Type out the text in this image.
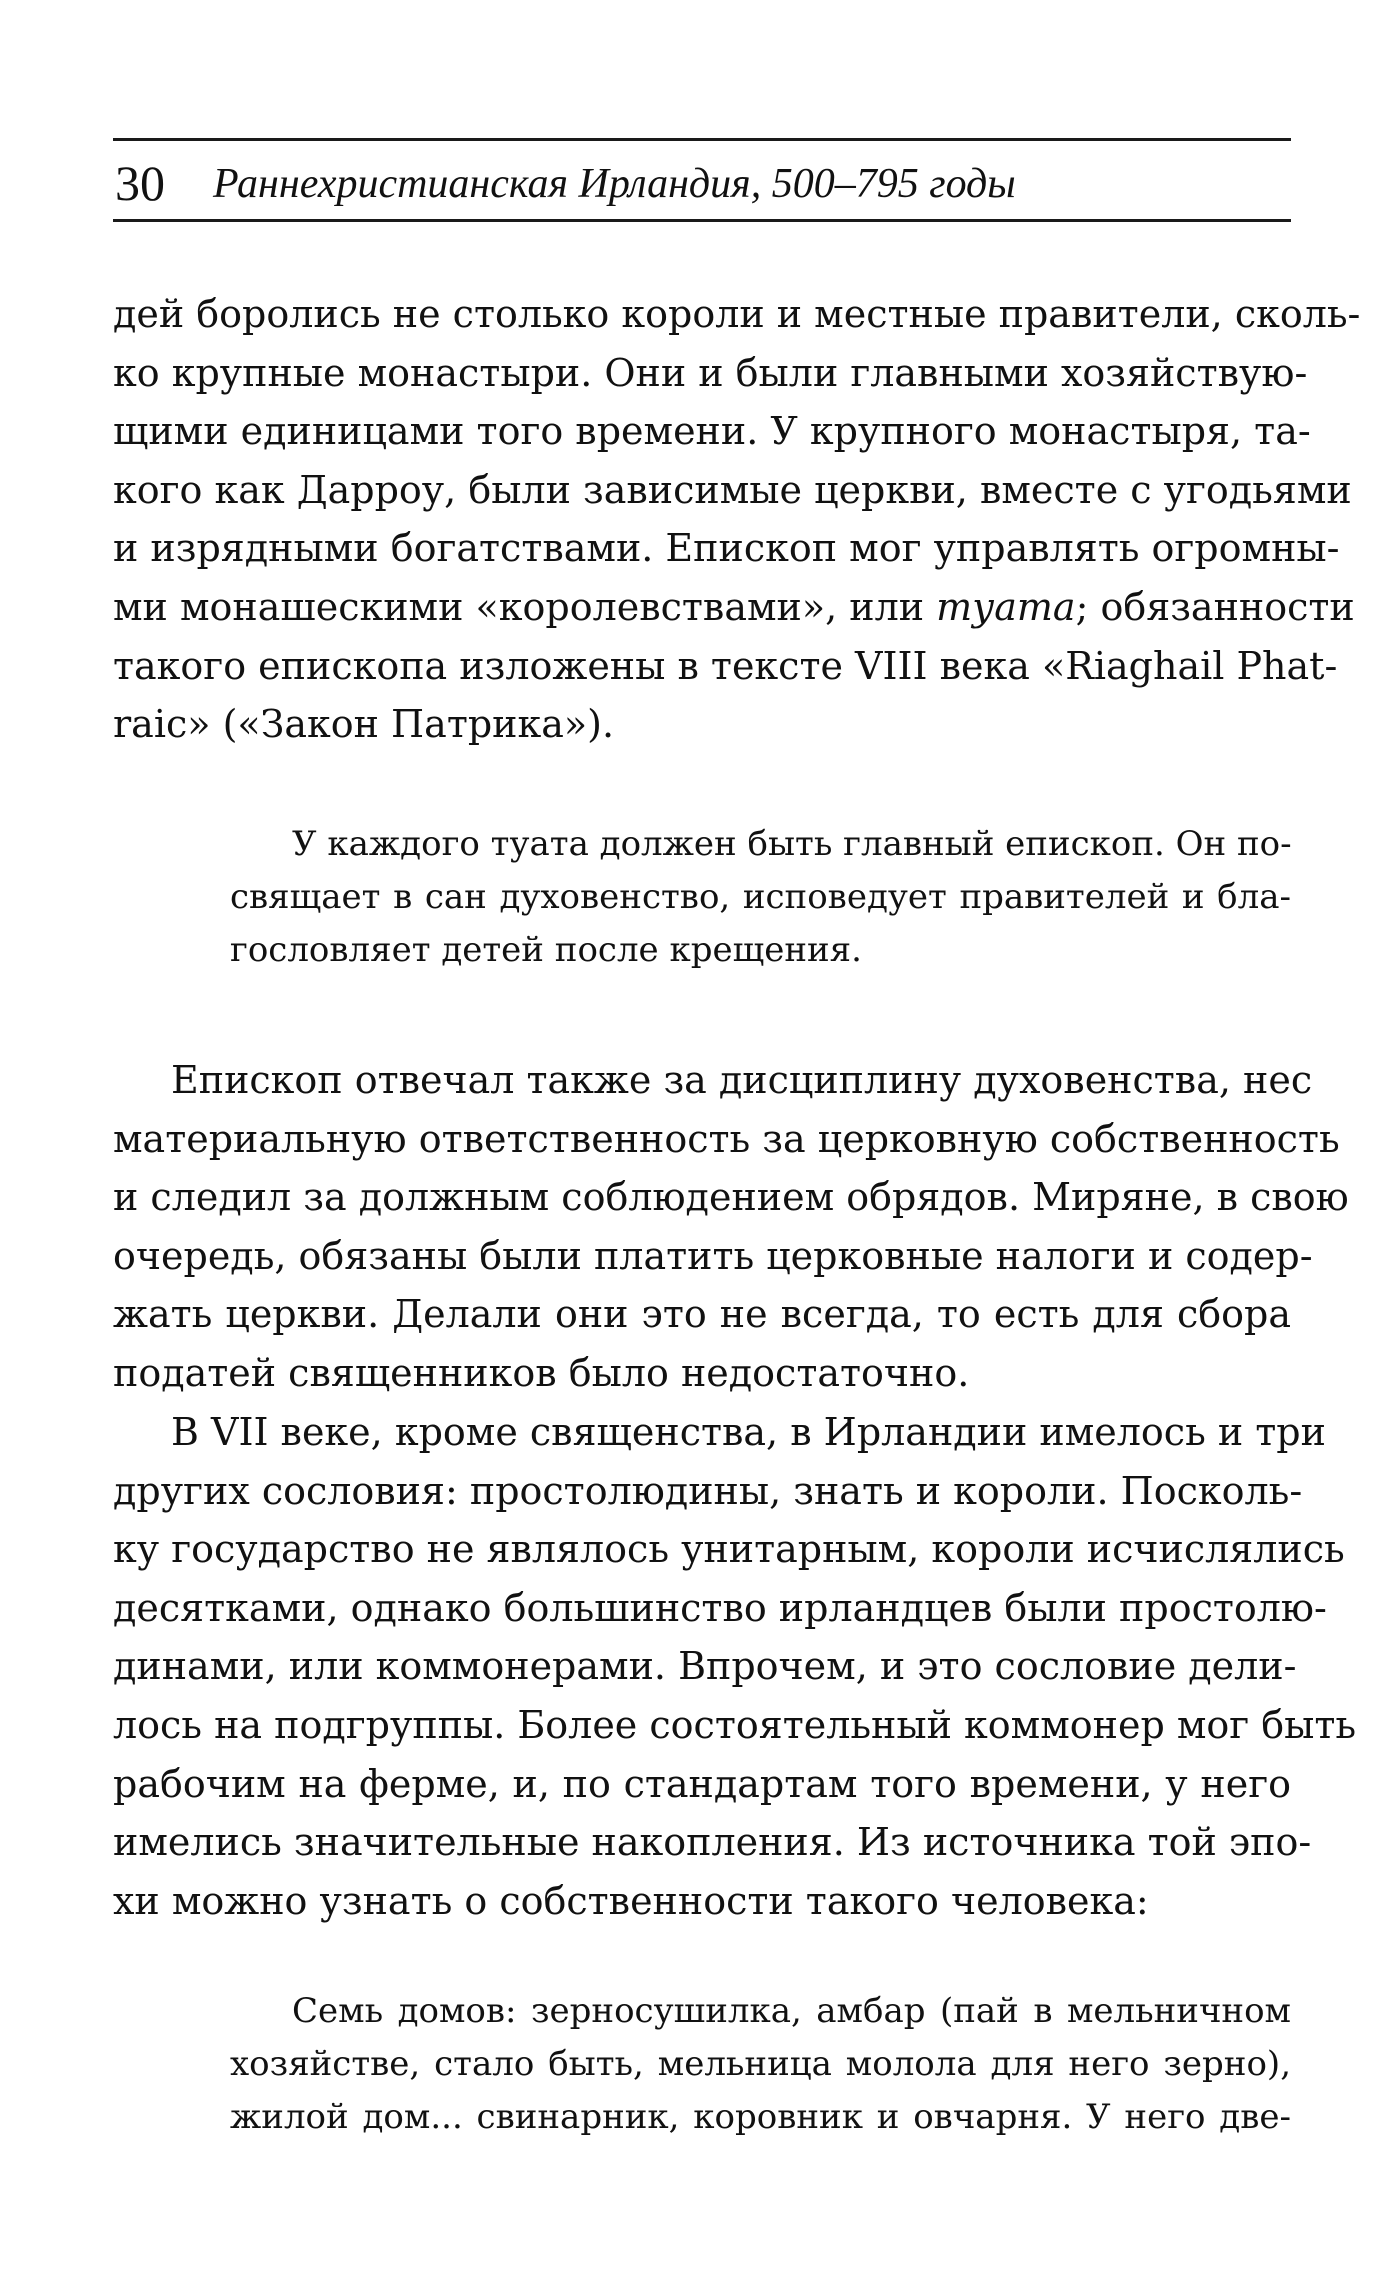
30 Раннехристианская Ирландия, 500–795 годы
дей боролись не столько короли и местные правители, сколь-
ко крупные монастыри. Они и были главными хозяйствую-
щими единицами того времени. У крупного монастыря, та-
кого как Дарроу, были зависимые церкви, вместе с угодьями
и изрядными богатствами. Епископ мог управлять огромны-
ми монашескими «королевствами», или туата; обязанности
такого епископа изложены в тексте VIII века «Riaghail Phat-
raic» («Закон Патрика»).
У каждого туата должен быть главный епископ. Он по-
свящает в сан духовенство, исповедует правителей и бла-
гословляет детей после крещения.
Епископ отвечал также за дисциплину духовенства, нес
материальную ответственность за церковную собственность
и следил за должным соблюдением обрядов. Миряне, в свою
очередь, обязаны были платить церковные налоги и содер-
жать церкви. Делали они это не всегда, то есть для сбора
податей священников было недостаточно.
В VII веке, кроме священства, в Ирландии имелось и три
других сословия: простолюдины, знать и короли. Посколь-
ку государство не являлось унитарным, короли исчислялись
десятками, однако большинство ирландцев были простолю-
динами, или коммонерами. Впрочем, и это сословие дели-
лось на подгруппы. Более состоятельный коммонер мог быть
рабочим на ферме, и, по стандартам того времени, у него
имелись значительные накопления. Из источника той эпо-
хи можно узнать о собственности такого человека:
Семь домов: зерносушилка, амбар (пай в мельничном
хозяйстве, стало быть, мельница молола для него зерно),
жилой дом... свинарник, коровник и овчарня. У него две-
